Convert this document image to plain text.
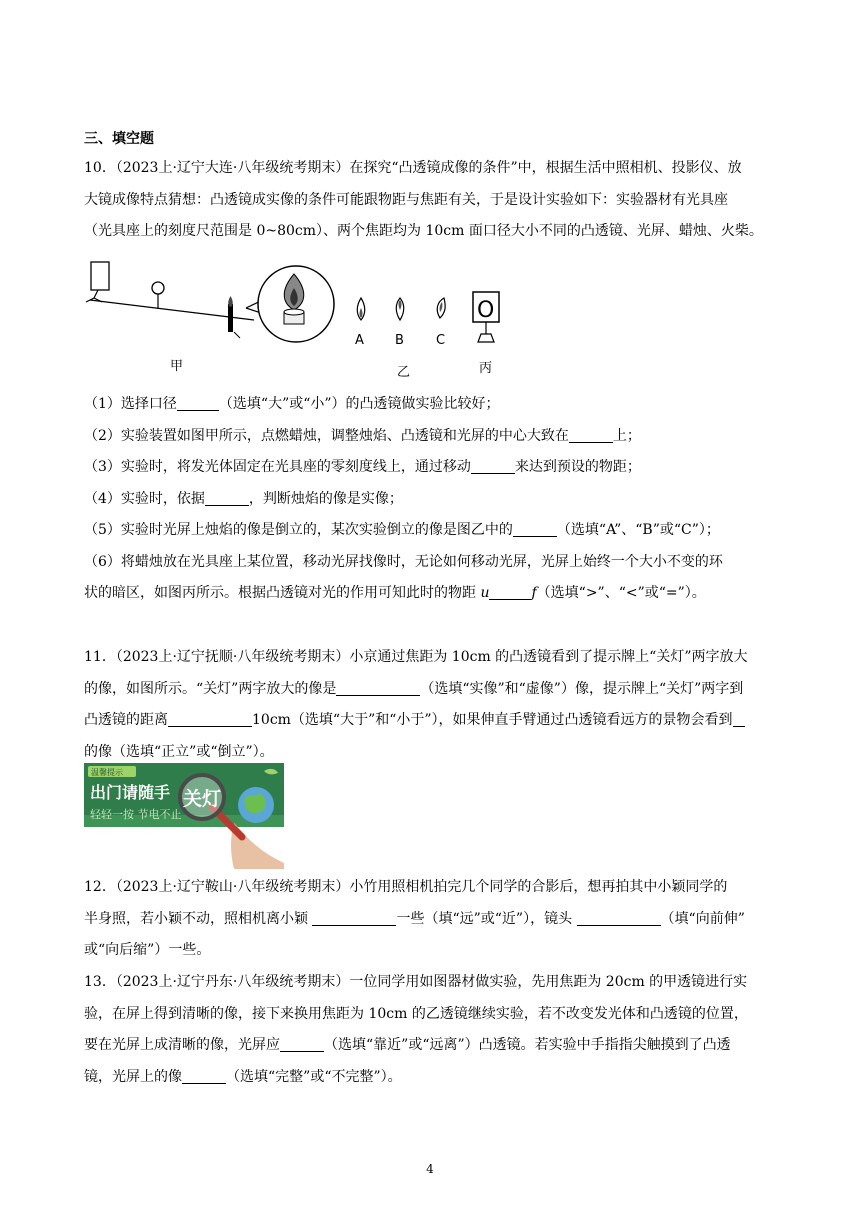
三、填空题
10．（2023上·辽宁大连·八年级统考期末）在探究“凸透镜成像的条件”中，根据生活中照相机、投影仪、放
大镜成像特点猜想：凸透镜成实像的条件可能跟物距与焦距有关，于是设计实验如下：实验器材有光具座
（光具座上的刻度尺范围是 0~80cm）、两个焦距均为 10cm 面口径大小不同的凸透镜、光屏、蜡烛、火柴。
A B C
O
甲	乙	丙
（1）选择口径	（选填“大”或“小”）的凸透镜做实验比较好；
（2）实验装置如图甲所示，点燃蜡烛，调整烛焰、凸透镜和光屏的中心大致在	上；
（3）实验时，将发光体固定在光具座的零刻度线上，通过移动	来达到预设的物距；
（4）实验时，依据	，判断烛焰的像是实像；
（5）实验时光屏上烛焰的像是倒立的，某次实验倒立的像是图乙中的	（选填“A”、“B”或“C”）；
（6）将蜡烛放在光具座上某位置，移动光屏找像时，无论如何移动光屏，光屏上始终一个大小不变的环
状的暗区，如图丙所示。根据凸透镜对光的作用可知此时的物距 u	f（选填“>”、“<”或“=”）。
11．（2023上·辽宁抚顺·八年级统考期末）小京通过焦距为 10cm 的凸透镜看到了提示牌上“关灯”两字放大
的像，如图所示。“关灯”两字放大的像是	（选填“实像”和“虚像”）像，提示牌上“关灯”两字到
凸透镜的距离	10cm（选填“大于”和“小于”），如果伸直手臂通过凸透镜看远方的景物会看到
的像（选填“正立”或“倒立”）。
温馨提示
出门请随手
轻轻一按 节电不止
关灯
12．（2023上·辽宁鞍山·八年级统考期末）小竹用照相机拍完几个同学的合影后，想再拍其中小颖同学的
半身照，若小颖不动，照相机离小颖	一些（填“远”或“近”），镜头	（填“向前伸”
或“向后缩”）一些。
13．（2023上·辽宁丹东·八年级统考期末）一位同学用如图器材做实验，先用焦距为 20cm 的甲透镜进行实
验，在屏上得到清晰的像，接下来换用焦距为 10cm 的乙透镜继续实验，若不改变发光体和凸透镜的位置，
要在光屏上成清晰的像，光屏应	（选填“靠近”或“远离”）凸透镜。若实验中手指指尖触摸到了凸透
镜，光屏上的像	（选填“完整”或“不完整”）。
4
